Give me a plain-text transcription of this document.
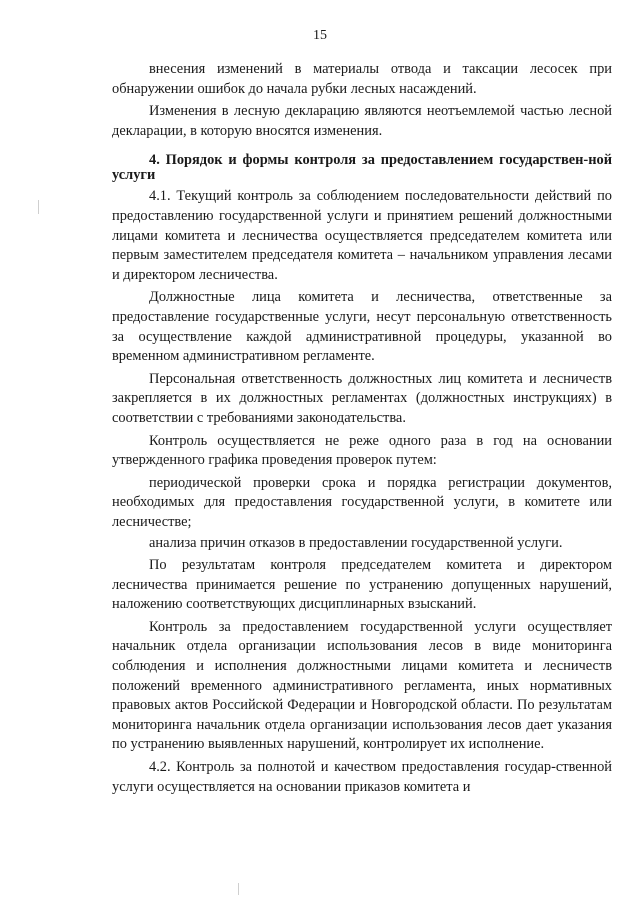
15

внесения изменений в материалы отвода и таксации лесосек при обнаружении ошибок до начала рубки лесных насаждений.

Изменения в лесную декларацию являются неотъемлемой частью лесной декларации, в которую вносятся изменения.

4. Порядок и формы контроля за предоставлением государствен-ной услуги

4.1. Текущий контроль за соблюдением последовательности действий по предоставлению государственной услуги и принятием решений должностными лицами комитета и лесничества осуществляется председателем комитета или первым заместителем председателя комитета – начальником управления лесами и директором лесничества.

Должностные лица комитета и лесничества, ответственные за предоставление государственные услуги, несут персональную ответственность за осуществление каждой административной процедуры, указанной во временном административном регламенте.

Персональная ответственность должностных лиц комитета и лесничеств закрепляется в их должностных регламентах (должностных инструкциях) в соответствии с требованиями законодательства.

Контроль осуществляется не реже одного раза в год на основании утвержденного графика проведения проверок путем:

периодической проверки срока и порядка регистрации документов, необходимых для предоставления государственной услуги, в комитете или лесничестве;

анализа причин отказов в предоставлении государственной услуги.

По результатам контроля председателем комитета и директором лесничества принимается решение по устранению допущенных нарушений, наложению соответствующих дисциплинарных взысканий.

Контроль за предоставлением государственной услуги осуществляет начальник отдела организации использования лесов в виде мониторинга соблюдения и исполнения должностными лицами комитета и лесничеств положений временного административного регламента, иных нормативных правовых актов Российской Федерации и Новгородской области. По результатам мониторинга начальник отдела организации использования лесов дает указания по устранению выявленных нарушений, контролирует их исполнение.

4.2. Контроль за полнотой и качеством предоставления государ-ственной услуги осуществляется на основании приказов комитета и
